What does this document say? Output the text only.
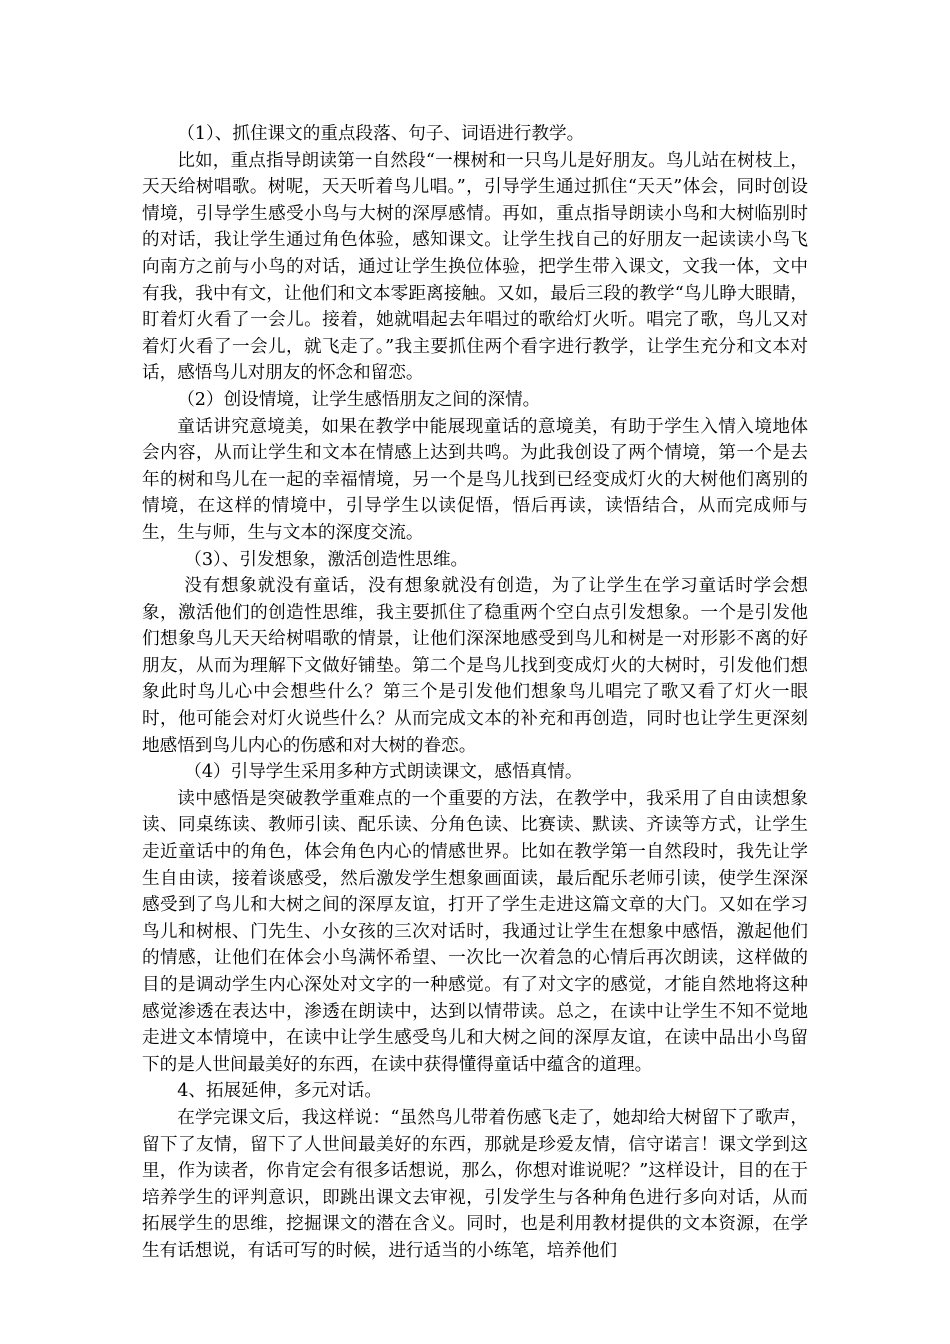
（1）、抓住课文的重点段落、句子、词语进行教学。

比如，重点指导朗读第一自然段“一棵树和一只鸟儿是好朋友。鸟儿站在树枝上，天天给树唱歌。树呢，天天听着鸟儿唱。”，引导学生通过抓住“天天”体会，同时创设情境，引导学生感受小鸟与大树的深厚感情。再如，重点指导朗读小鸟和大树临别时的对话，我让学生通过角色体验，感知课文。让学生找自己的好朋友一起读读小鸟飞向南方之前与小鸟的对话，通过让学生换位体验，把学生带入课文，文我一体，文中有我，我中有文，让他们和文本零距离接触。又如，最后三段的教学“鸟儿睁大眼睛，盯着灯火看了一会儿。接着，她就唱起去年唱过的歌给灯火听。唱完了歌，鸟儿又对着灯火看了一会儿，就飞走了。”我主要抓住两个看字进行教学，让学生充分和文本对话，感悟鸟儿对朋友的怀念和留恋。

（2）创设情境，让学生感悟朋友之间的深情。

童话讲究意境美，如果在教学中能展现童话的意境美，有助于学生入情入境地体会内容，从而让学生和文本在情感上达到共鸣。为此我创设了两个情境，第一个是去年的树和鸟儿在一起的幸福情境，另一个是鸟儿找到已经变成灯火的大树他们离别的情境，在这样的情境中，引导学生以读促悟，悟后再读，读悟结合，从而完成师与生，生与师，生与文本的深度交流。

（3）、引发想象，激活创造性思维。

没有想象就没有童话，没有想象就没有创造，为了让学生在学习童话时学会想象，激活他们的创造性思维，我主要抓住了稳重两个空白点引发想象。一个是引发他们想象鸟儿天天给树唱歌的情景，让他们深深地感受到鸟儿和树是一对形影不离的好朋友，从而为理解下文做好铺垫。第二个是鸟儿找到变成灯火的大树时，引发他们想象此时鸟儿心中会想些什么？第三个是引发他们想象鸟儿唱完了歌又看了灯火一眼时，他可能会对灯火说些什么？从而完成文本的补充和再创造，同时也让学生更深刻地感悟到鸟儿内心的伤感和对大树的眷恋。

（4）引导学生采用多种方式朗读课文，感悟真情。

读中感悟是突破教学重难点的一个重要的方法，在教学中，我采用了自由读想象读、同桌练读、教师引读、配乐读、分角色读、比赛读、默读、齐读等方式，让学生走近童话中的角色，体会角色内心的情感世界。比如在教学第一自然段时，我先让学生自由读，接着谈感受，然后激发学生想象画面读，最后配乐老师引读，使学生深深感受到了鸟儿和大树之间的深厚友谊，打开了学生走进这篇文章的大门。又如在学习鸟儿和树根、门先生、小女孩的三次对话时，我通过让学生在想象中感悟，激起他们的情感，让他们在体会小鸟满怀希望、一次比一次着急的心情后再次朗读，这样做的目的是调动学生内心深处对文字的一种感觉。有了对文字的感觉，才能自然地将这种感觉渗透在表达中，渗透在朗读中，达到以情带读。总之，在读中让学生不知不觉地走进文本情境中，在读中让学生感受鸟儿和大树之间的深厚友谊，在读中品出小鸟留下的是人世间最美好的东西，在读中获得懂得童话中蕴含的道理。

4、拓展延伸，多元对话。

在学完课文后，我这样说：“虽然鸟儿带着伤感飞走了，她却给大树留下了歌声，留下了友情，留下了人世间最美好的东西，那就是珍爱友情，信守诺言！课文学到这里，作为读者，你肯定会有很多话想说，那么，你想对谁说呢？”这样设计，目的在于培养学生的评判意识，即跳出课文去审视，引发学生与各种角色进行多向对话，从而拓展学生的思维，挖掘课文的潜在含义。同时，也是利用教材提供的文本资源，在学生有话想说，有话可写的时候，进行适当的小练笔，培养他们
